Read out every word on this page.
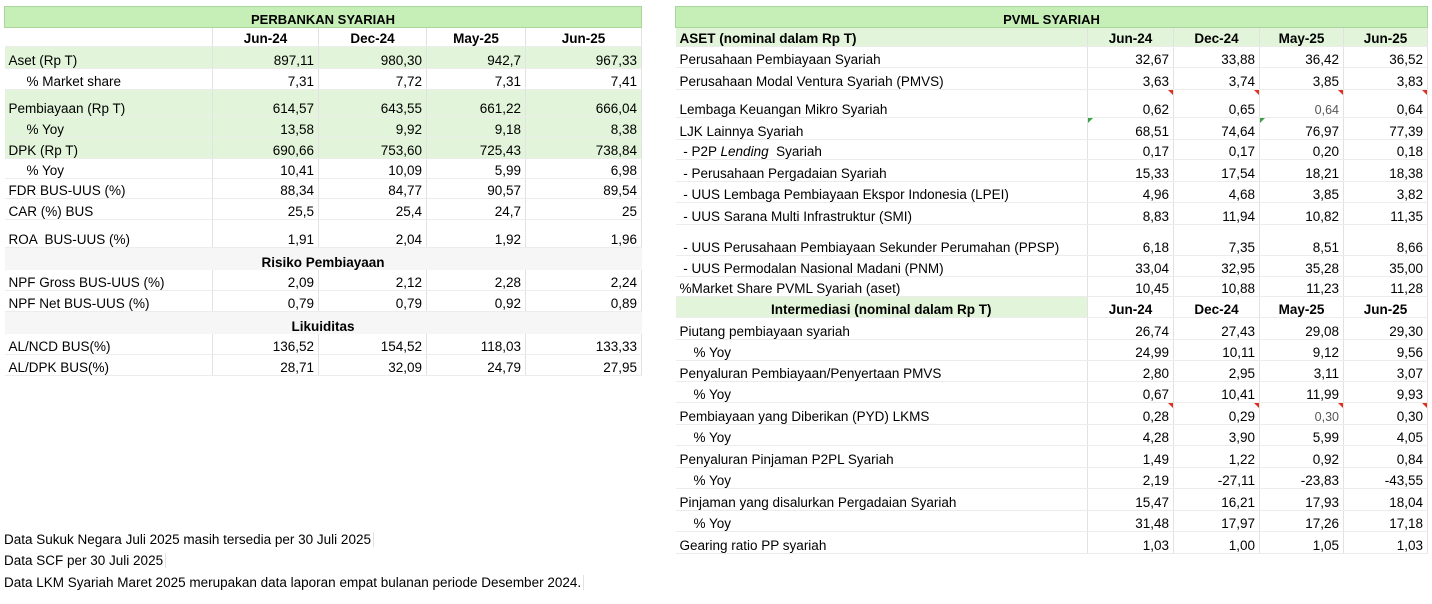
PERBANKAN SYARIAH				
	Jun-24	Dec-24	May-25	Jun-25
Aset (Rp T)	897,11	980,30	942,7	967,33
% Market share	7,31	7,72	7,31	7,41
Pembiayaan (Rp T)	614,57	643,55	661,22	666,04
% Yoy	13,58	9,92	9,18	8,38
DPK (Rp T)	690,66	753,60	725,43	738,84
% Yoy	10,41	10,09	5,99	6,98
FDR BUS-UUS (%)	88,34	84,77	90,57	89,54
CAR (%) BUS	25,5	25,4	24,7	25
ROA  BUS-UUS (%)	1,91	2,04	1,92	1,96
Risiko Pembiayaan				
NPF Gross BUS-UUS (%)	2,09	2,12	2,28	2,24
NPF Net BUS-UUS (%)	0,79	0,79	0,92	0,89
Likuiditas				
AL/NCD BUS(%)	136,52	154,52	118,03	133,33
AL/DPK BUS(%)	28,71	32,09	24,79	27,95
Data Sukuk Negara Juli 2025 masih tersedia per 30 Juli 2025
Data SCF per 30 Juli 2025
Data LKM Syariah Maret 2025 merupakan data laporan empat bulanan periode Desember 2024.
PVML SYARIAH				
ASET (nominal dalam Rp T)	Jun-24	Dec-24	May-25	Jun-25
Perusahaan Pembiayaan Syariah	32,67	33,88	36,42	36,52
Perusahaan Modal Ventura Syariah (PMVS)	3,63	3,74	3,85	3,83
Lembaga Keuangan Mikro Syariah	0,62	0,65	0,64	0,64
LJK Lainnya Syariah	68,51	74,64	76,97	77,39
- P2P Lending  Syariah	0,17	0,17	0,20	0,18
- Perusahaan Pergadaian Syariah	15,33	17,54	18,21	18,38
- UUS Lembaga Pembiayaan Ekspor Indonesia (LPEI)	4,96	4,68	3,85	3,82
- UUS Sarana Multi Infrastruktur (SMI)	8,83	11,94	10,82	11,35
- UUS Perusahaan Pembiayaan Sekunder Perumahan (PPSP)	6,18	7,35	8,51	8,66
- UUS Permodalan Nasional Madani (PNM)	33,04	32,95	35,28	35,00
%Market Share PVML Syariah (aset)	10,45	10,88	11,23	11,28
Intermediasi (nominal dalam Rp T)	Jun-24	Dec-24	May-25	Jun-25
Piutang pembiayaan syariah	26,74	27,43	29,08	29,30
% Yoy	24,99	10,11	9,12	9,56
Penyaluran Pembiayaan/Penyertaan PMVS	2,80	2,95	3,11	3,07
% Yoy	0,67	10,41	11,99	9,93
Pembiayaan yang Diberikan (PYD) LKMS	0,28	0,29	0,30	0,30
% Yoy	4,28	3,90	5,99	4,05
Penyaluran Pinjaman P2PL Syariah	1,49	1,22	0,92	0,84
% Yoy	2,19	-27,11	-23,83	-43,55
Pinjaman yang disalurkan Pergadaian Syariah	15,47	16,21	17,93	18,04
% Yoy	31,48	17,97	17,26	17,18
Gearing ratio PP syariah	1,03	1,00	1,05	1,03
